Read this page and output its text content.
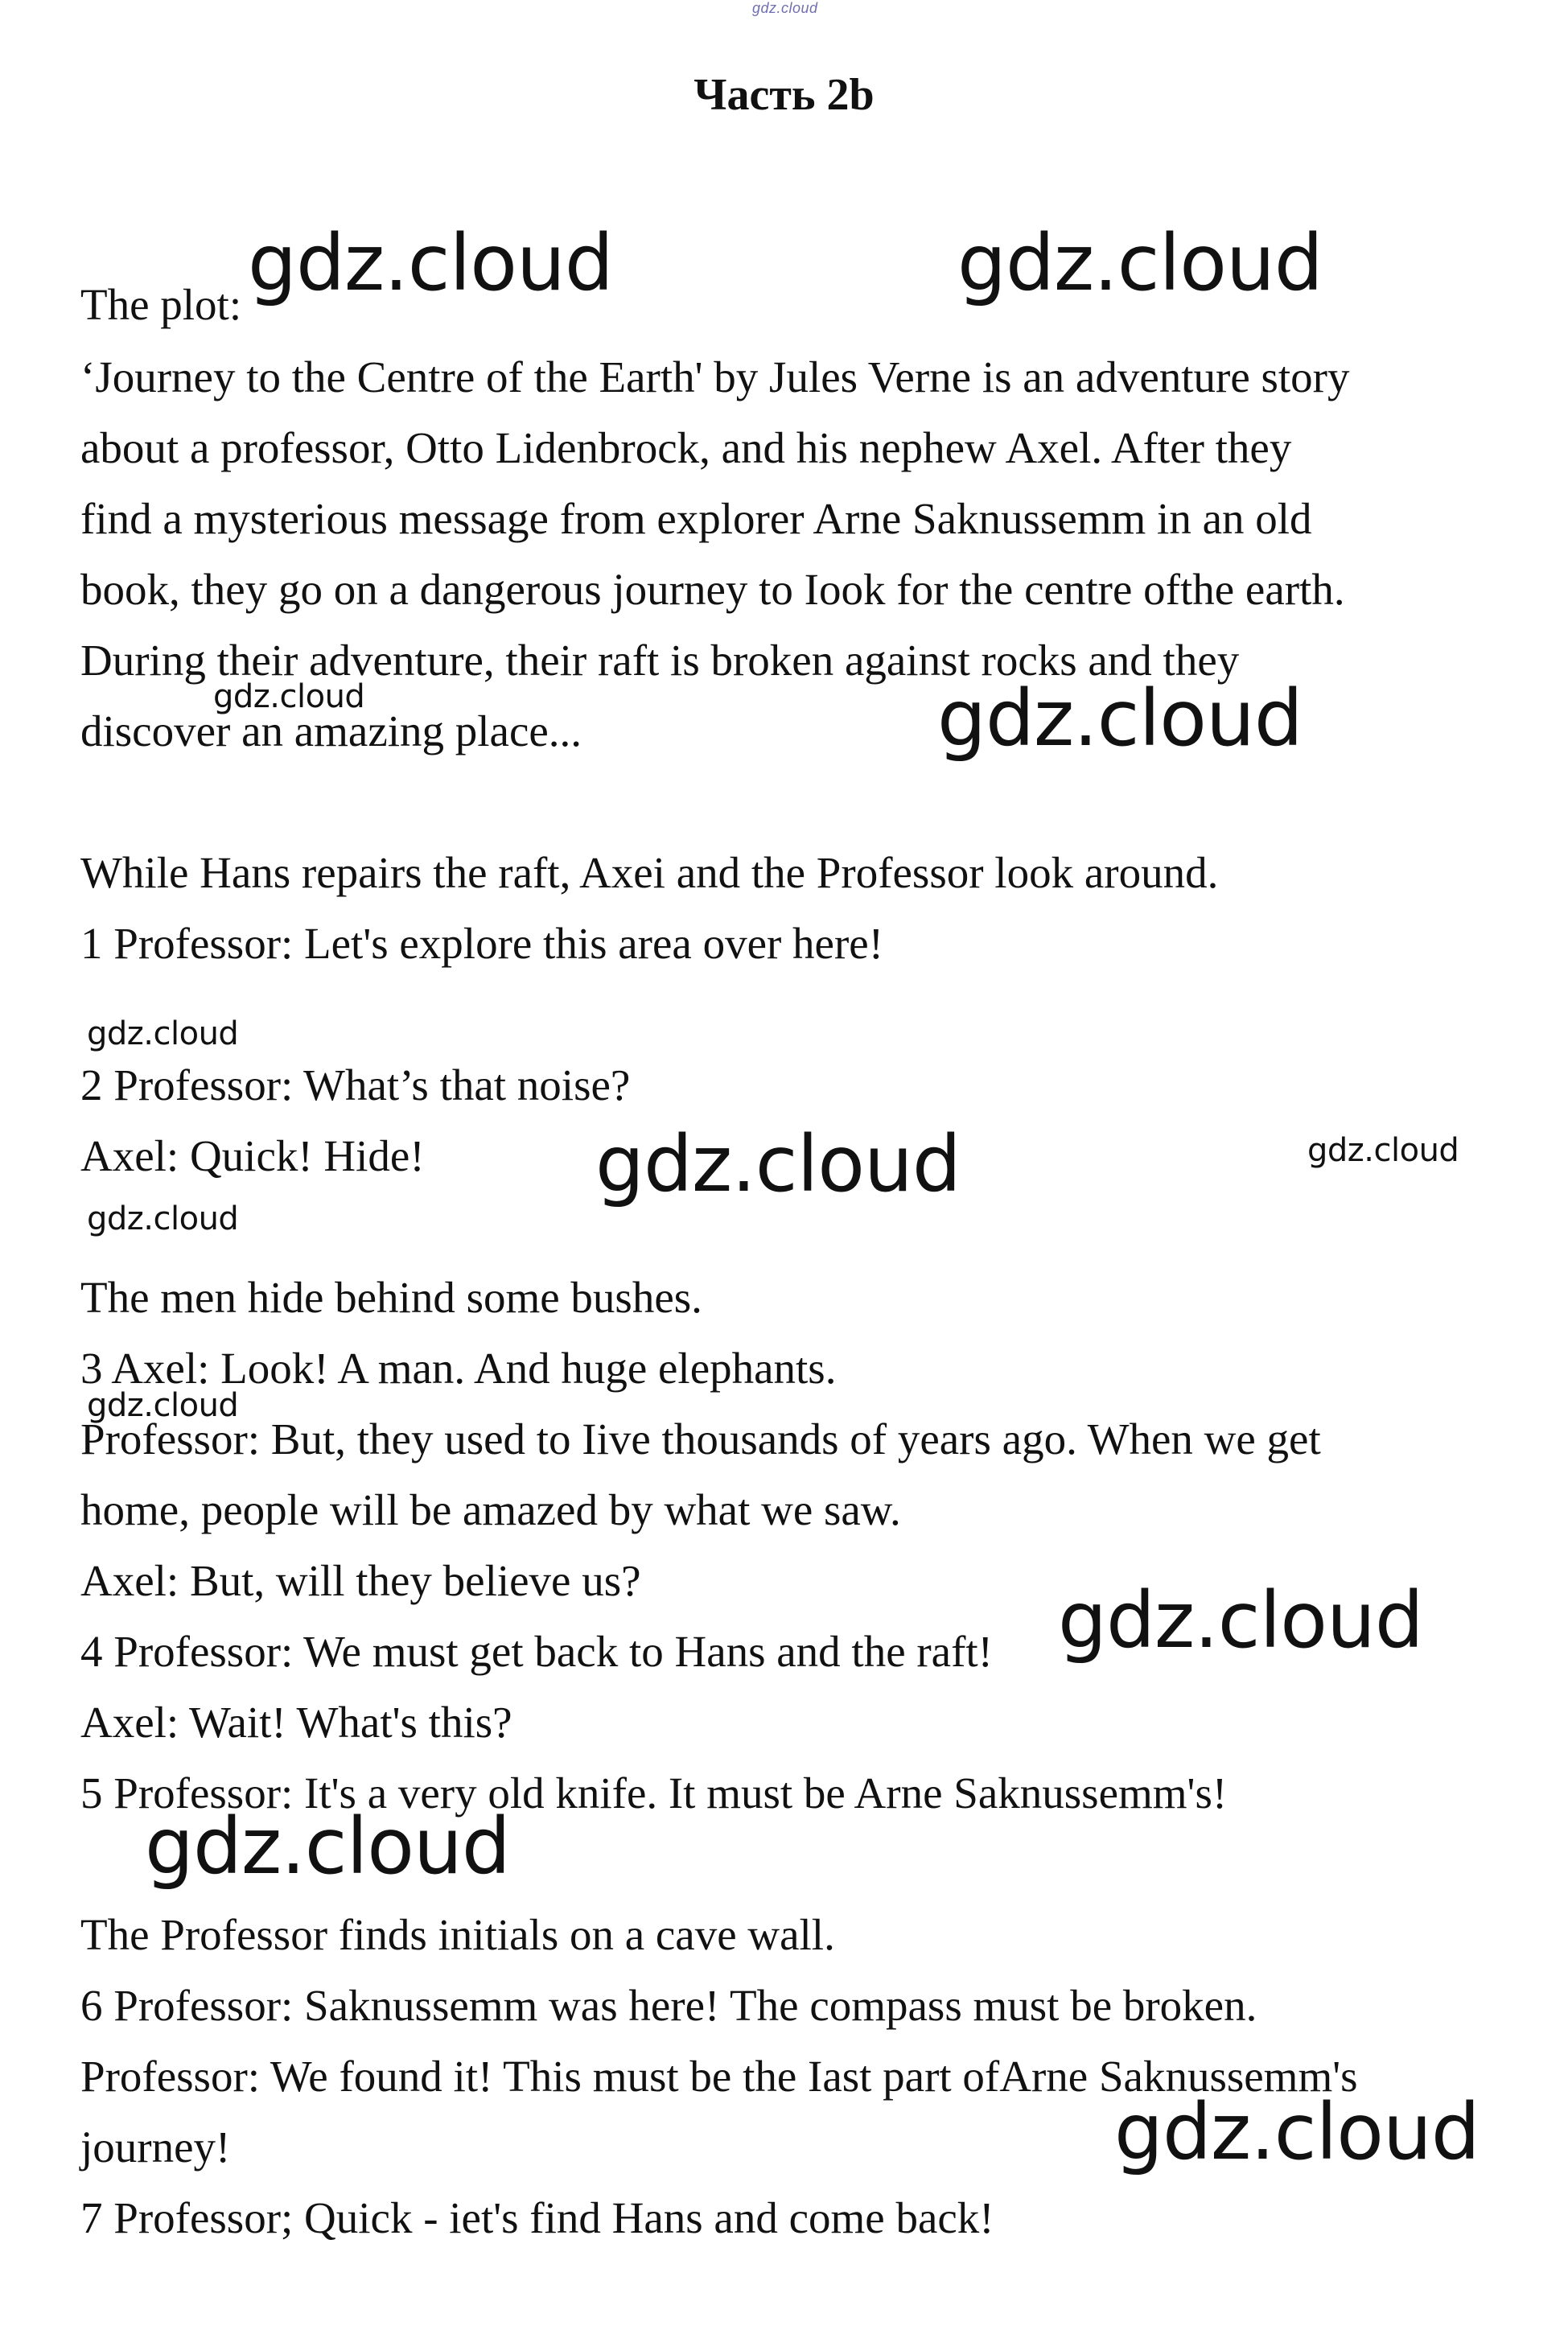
gdz.cloud
Часть 2b

The plot:

‘Journey to the Centre of the Earth' by Jules Verne is an adventure story

about a professor, Otto Lidenbrock, and his nephew Axel. After they

find a mysterious message from explorer Arne Saknussemm in an old

book, they go on a dangerous journey to Iook for the centre ofthe earth.

During their adventure, their raft is broken against rocks and they

discover an amazing place...

While Hans repairs the raft, Axei and the Professor look around.

1 Professor: Let's explore this area over here!

2 Professor: What’s that noise?

Axel: Quick! Hide!

The men hide behind some bushes.

3 Axel: Look! A man. And huge elephants.

Professor: But, they used to Iive thousands of years ago. When we get

home, people will be amazed by what we saw.

Axel: But, will they believe us?

4 Professor: We must get back to Hans and the raft!

Axel: Wait! What's this?

5 Professor: It's a very old knife. It must be Arne Saknussemm's!

The Professor finds initials on a cave wall.

6 Professor: Saknussemm was here! The compass must be broken.

Professor: We found it! This must be the Iast part ofArne Saknussemm's

journey!

7 Professor; Quick - iet's find Hans and come back!

gdz.cloud	gdz.cloud

gdz.cloud	gdz.cloud

gdz.cloud

gdz.cloud	gdz.cloud

gdz.cloud

gdz.cloud

gdz.cloud

gdz.cloud

gdz.cloud
